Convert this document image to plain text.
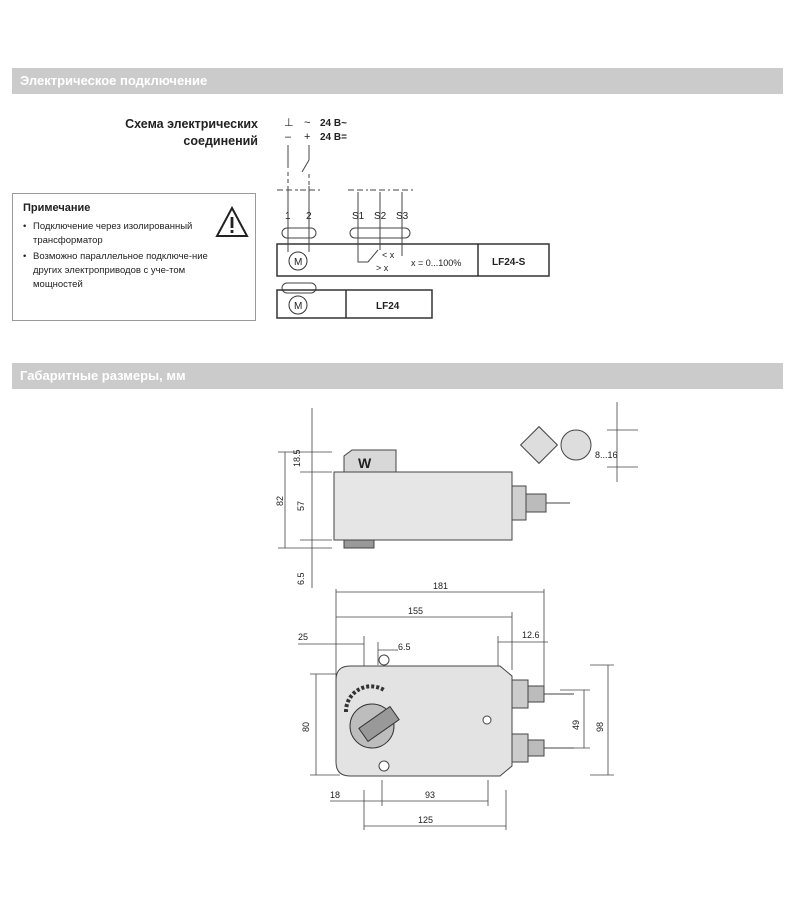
Электрическое подключение
Габаритные размеры, мм
Схема электрических
соединений
Примечание
• Подключение через изолированный трансформатор
• Возможно параллельное подключе-ние других электроприводов с уче-том мощностей
⊥
–
~
+
24 В~
24 В=
1 2	S1 S2 S3
M
< x
> x	x = 0...100%	LF24-S
M	LF24
W
18.5
82 57
6.5
8...16
181
155
25
6.5
12.6
80	98
49
18	93
125
